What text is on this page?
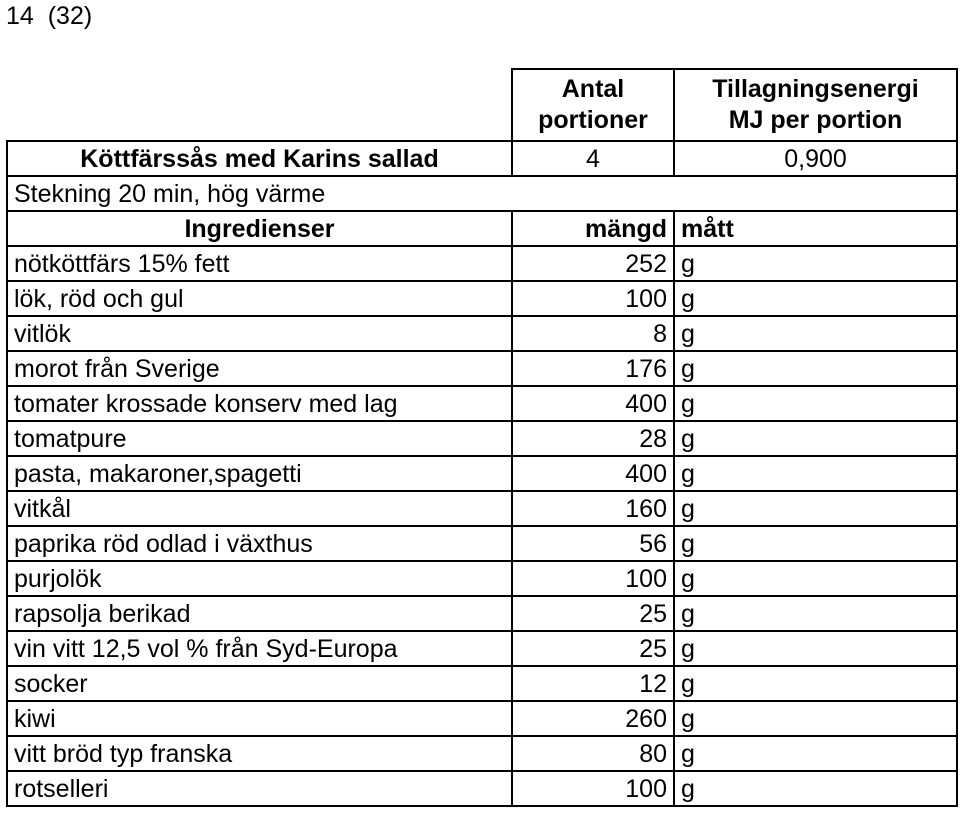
14 (32)
	Antal portioner	Tillagningsenergi
MJ per portion

Köttfärssås med Karins sallad	4	0,900
Stekning 20 min, hög värme		
Ingredienser	mängd	mått
nötköttfärs 15% fett	252	g
lök, röd och gul	100	g
vitlök	8	g
morot från Sverige	176	g
tomater krossade konserv med lag	400	g
tomatpure	28	g
pasta, makaroner,spagetti	400	g
vitkål	160	g
paprika röd odlad i växthus	56	g
purjolök	100	g
rapsolja berikad	25	g
vin vitt 12,5 vol % från Syd-Europa	25	g
socker	12	g
kiwi	260	g
vitt bröd typ franska	80	g
rotselleri	100	g
